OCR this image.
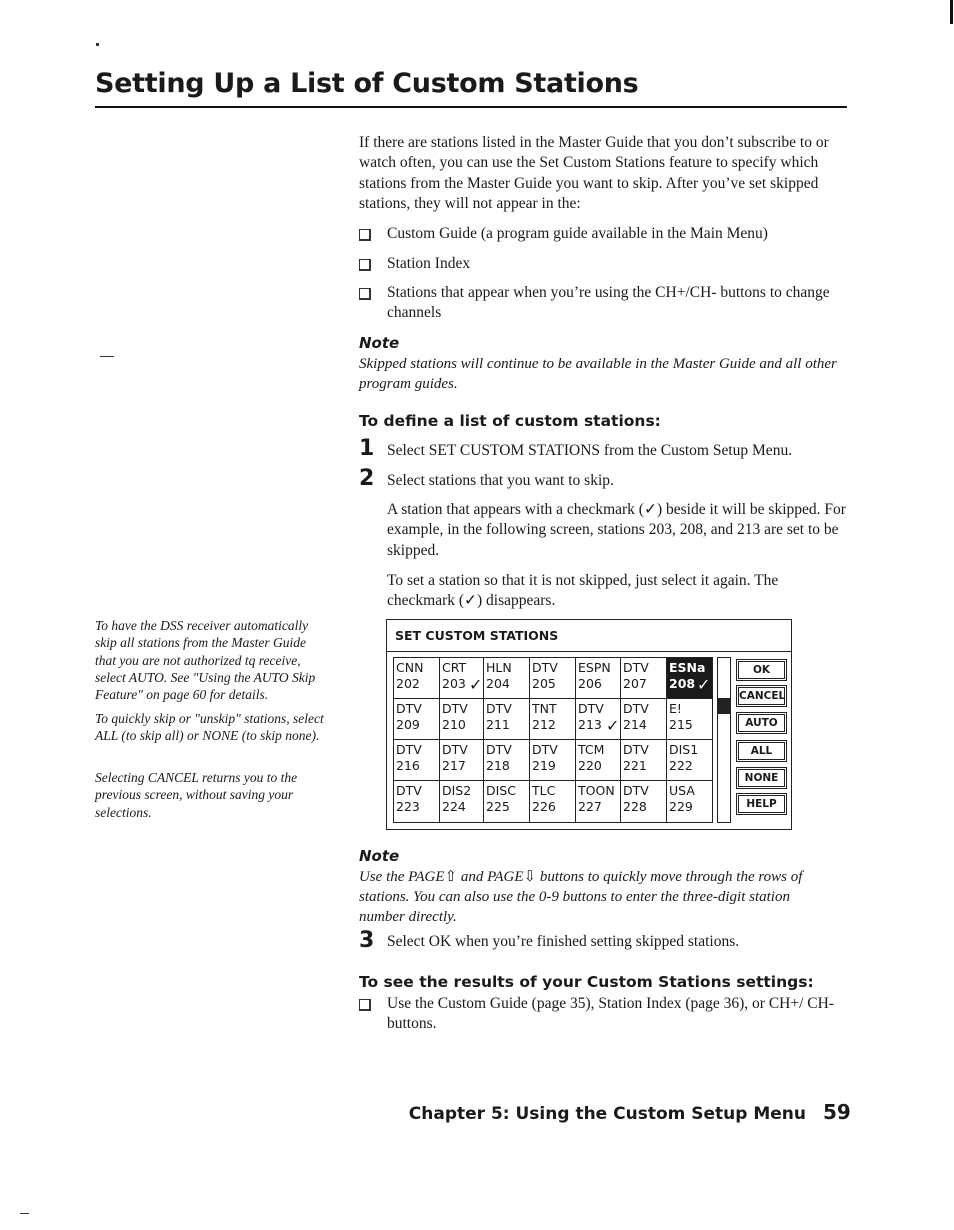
Setting Up a List of Custom Stations
If there are stations listed in the Master Guide that you don’t subscribe to or watch often, you can use the Set Custom Stations feature to specify which stations from the Master Guide you want to skip. After you’ve set skipped stations, they will not appear in the:
Custom Guide (a program guide available in the Main Menu)
Station Index
Stations that appear when you’re using the CH+/CH- buttons to change channels
Note
Skipped stations will continue to be available in the Master Guide and all other program guides.
To define a list of custom stations:
1 Select SET CUSTOM STATIONS from the Custom Setup Menu.
2 Select stations that you want to skip.
A station that appears with a checkmark (✓) beside it will be skipped. For example, in the following screen, stations 203, 208, and 213 are set to be skipped.
To set a station so that it is not skipped, just select it again. The checkmark (✓) disappears.
To have the DSS receiver automatically skip all stations from the Master Guide that you are not authorized tq receive, select AUTO. See "Using the AUTO Skip Feature" on page 60 for details.
To quickly skip or "unskip" stations, select ALL (to skip all) or NONE (to skip none).
Selecting CANCEL returns you to the previous screen, without saving your selections.
SET CUSTOM STATIONS
CNN
202
CRT
203 ✓
HLN
204
DTV
205
ESPN
206
DTV
207
ESNa
208 ✓
DTV
209
DTV
210
DTV
211
TNT
212
DTV
213 ✓
DTV
214
E!
215
DTV
216
DTV
217
DTV
218
DTV
219
TCM
220
DTV
221
DIS1
222
DTV
223
DIS2
224
DISC
225
TLC
226
TOON
227
DTV
228
USA
229
OK
CANCEL
AUTO
ALL
NONE
HELP
Note
Use the PAGE⇧ and PAGE⇩ buttons to quickly move through the rows of stations. You can also use the 0-9 buttons to enter the three-digit station number directly.
3 Select OK when you’re finished setting skipped stations.
To see the results of your Custom Stations settings:
Use the Custom Guide (page 35), Station Index (page 36), or CH+/ CH- buttons.
Chapter 5: Using the Custom Setup Menu 59
